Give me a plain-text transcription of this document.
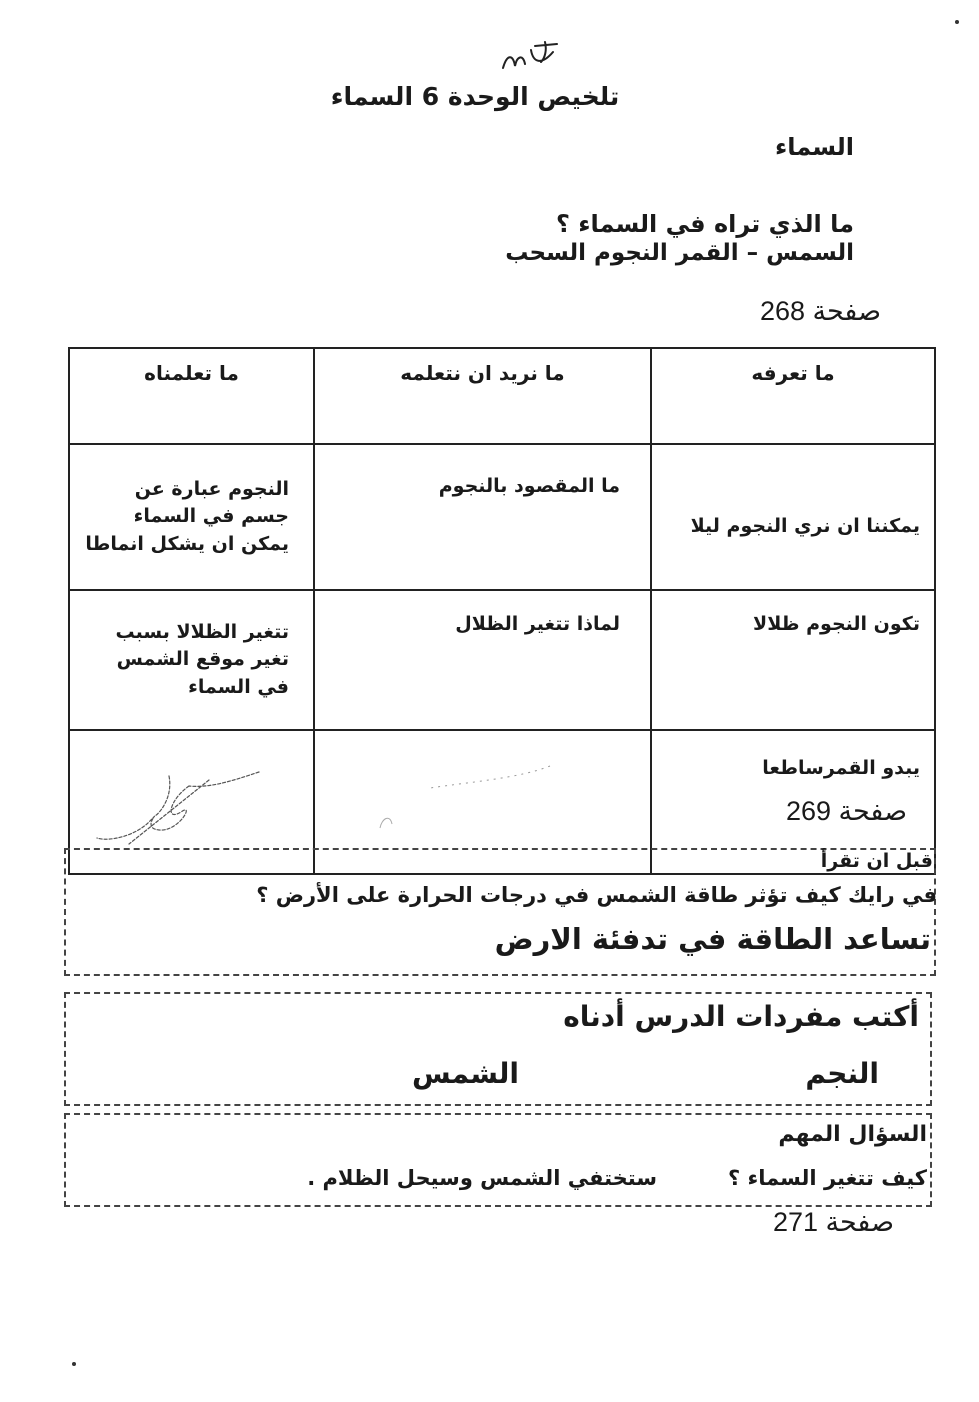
تلخيص الوحدة 6 السماء
السماء
ما الذي تراه في السماء ؟
السمس – القمر النجوم السحب
صفحة 268
ما تعرفه	ما نريد ان نتعلمه	ما تعلمناه
يمكننا ان نري النجوم ليلا	ما المقصود بالنجوم	النجوم عبارة عن جسم في السماء يمكن ان يشكل انماطا
تكون النجوم ظلالا	لماذا تتغير الظلال	تتغير الظلالا بسبب تغير موقع الشمس في السماء
يبدو القمرساطعا		
صفحة 269
قبل ان تقرأ
في رايك كيف تؤثر طاقة الشمس في درجات الحرارة على الأرض ؟
تساعد الطاقة في تدفئة الارض
أكتب مفردات الدرس أدناه
النجم
الشمس
السؤال المهم
كيف تتغير السماء ؟
ستختفي الشمس وسيحل الظلام .
صفحة 271
